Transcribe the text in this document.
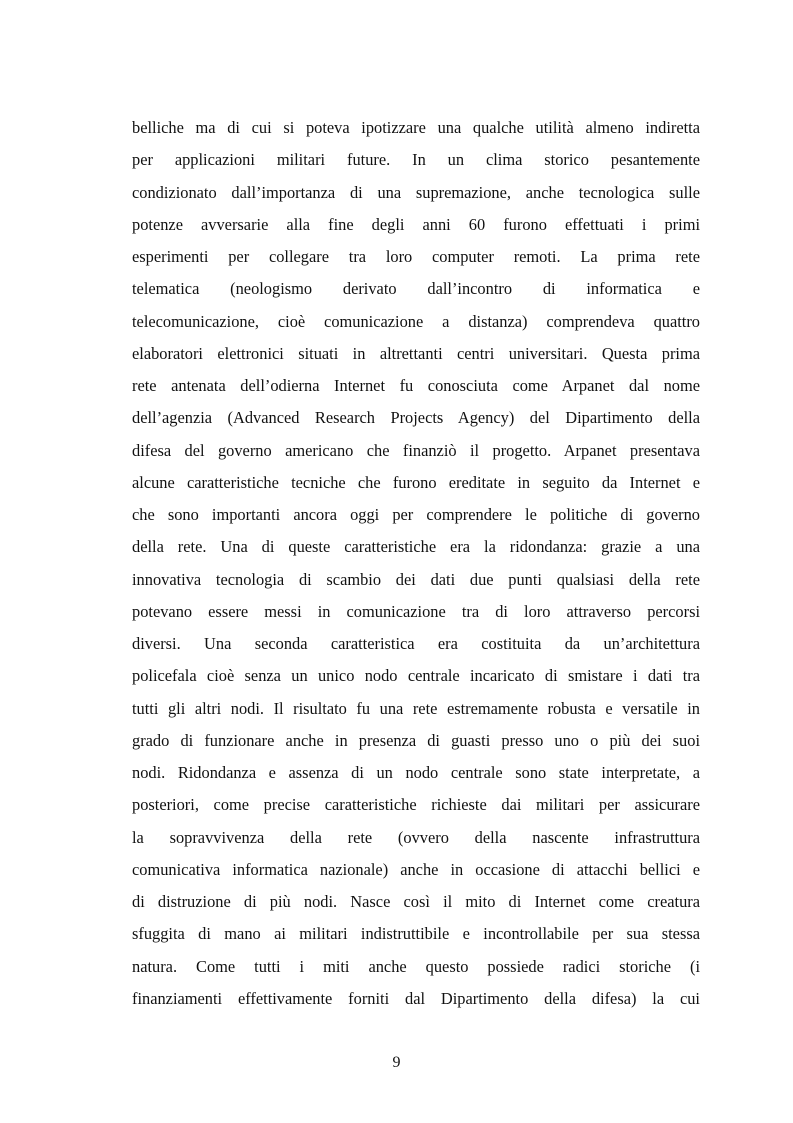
belliche ma di cui si poteva ipotizzare una qualche utilità almeno indiretta
per applicazioni militari future. In un clima storico pesantemente
condizionato dall’importanza di una supremazione, anche tecnologica sulle
potenze avversarie alla fine degli anni 60 furono effettuati i primi
esperimenti per collegare tra loro computer remoti. La prima rete
telematica (neologismo derivato dall’incontro di informatica e
telecomunicazione, cioè comunicazione a distanza) comprendeva quattro
elaboratori elettronici situati in altrettanti centri universitari. Questa prima
rete antenata dell’odierna Internet fu conosciuta come Arpanet dal nome
dell’agenzia (Advanced Research Projects Agency) del Dipartimento della
difesa del governo americano che finanziò il progetto. Arpanet presentava
alcune caratteristiche tecniche che furono ereditate in seguito da Internet e
che sono importanti ancora oggi per comprendere le politiche di governo
della rete. Una di queste caratteristiche era la ridondanza: grazie a una
innovativa tecnologia di scambio dei dati due punti qualsiasi della rete
potevano essere messi in comunicazione tra di loro attraverso percorsi
diversi. Una seconda caratteristica era costituita da un’architettura
policefala cioè senza un unico nodo centrale incaricato di smistare i dati tra
tutti gli altri nodi. Il risultato fu una rete estremamente robusta e versatile in
grado di funzionare anche in presenza di guasti presso uno o più dei suoi
nodi. Ridondanza e assenza di un nodo centrale sono state interpretate, a
posteriori, come precise caratteristiche richieste dai militari per assicurare
la sopravvivenza della rete (ovvero della nascente infrastruttura
comunicativa informatica nazionale) anche in occasione di attacchi bellici e
di distruzione di più nodi. Nasce così il mito di Internet come creatura
sfuggita di mano ai militari indistruttibile e incontrollabile per sua stessa
natura. Come tutti i miti anche questo possiede radici storiche (i
finanziamenti effettivamente forniti dal Dipartimento della difesa) la cui
9
